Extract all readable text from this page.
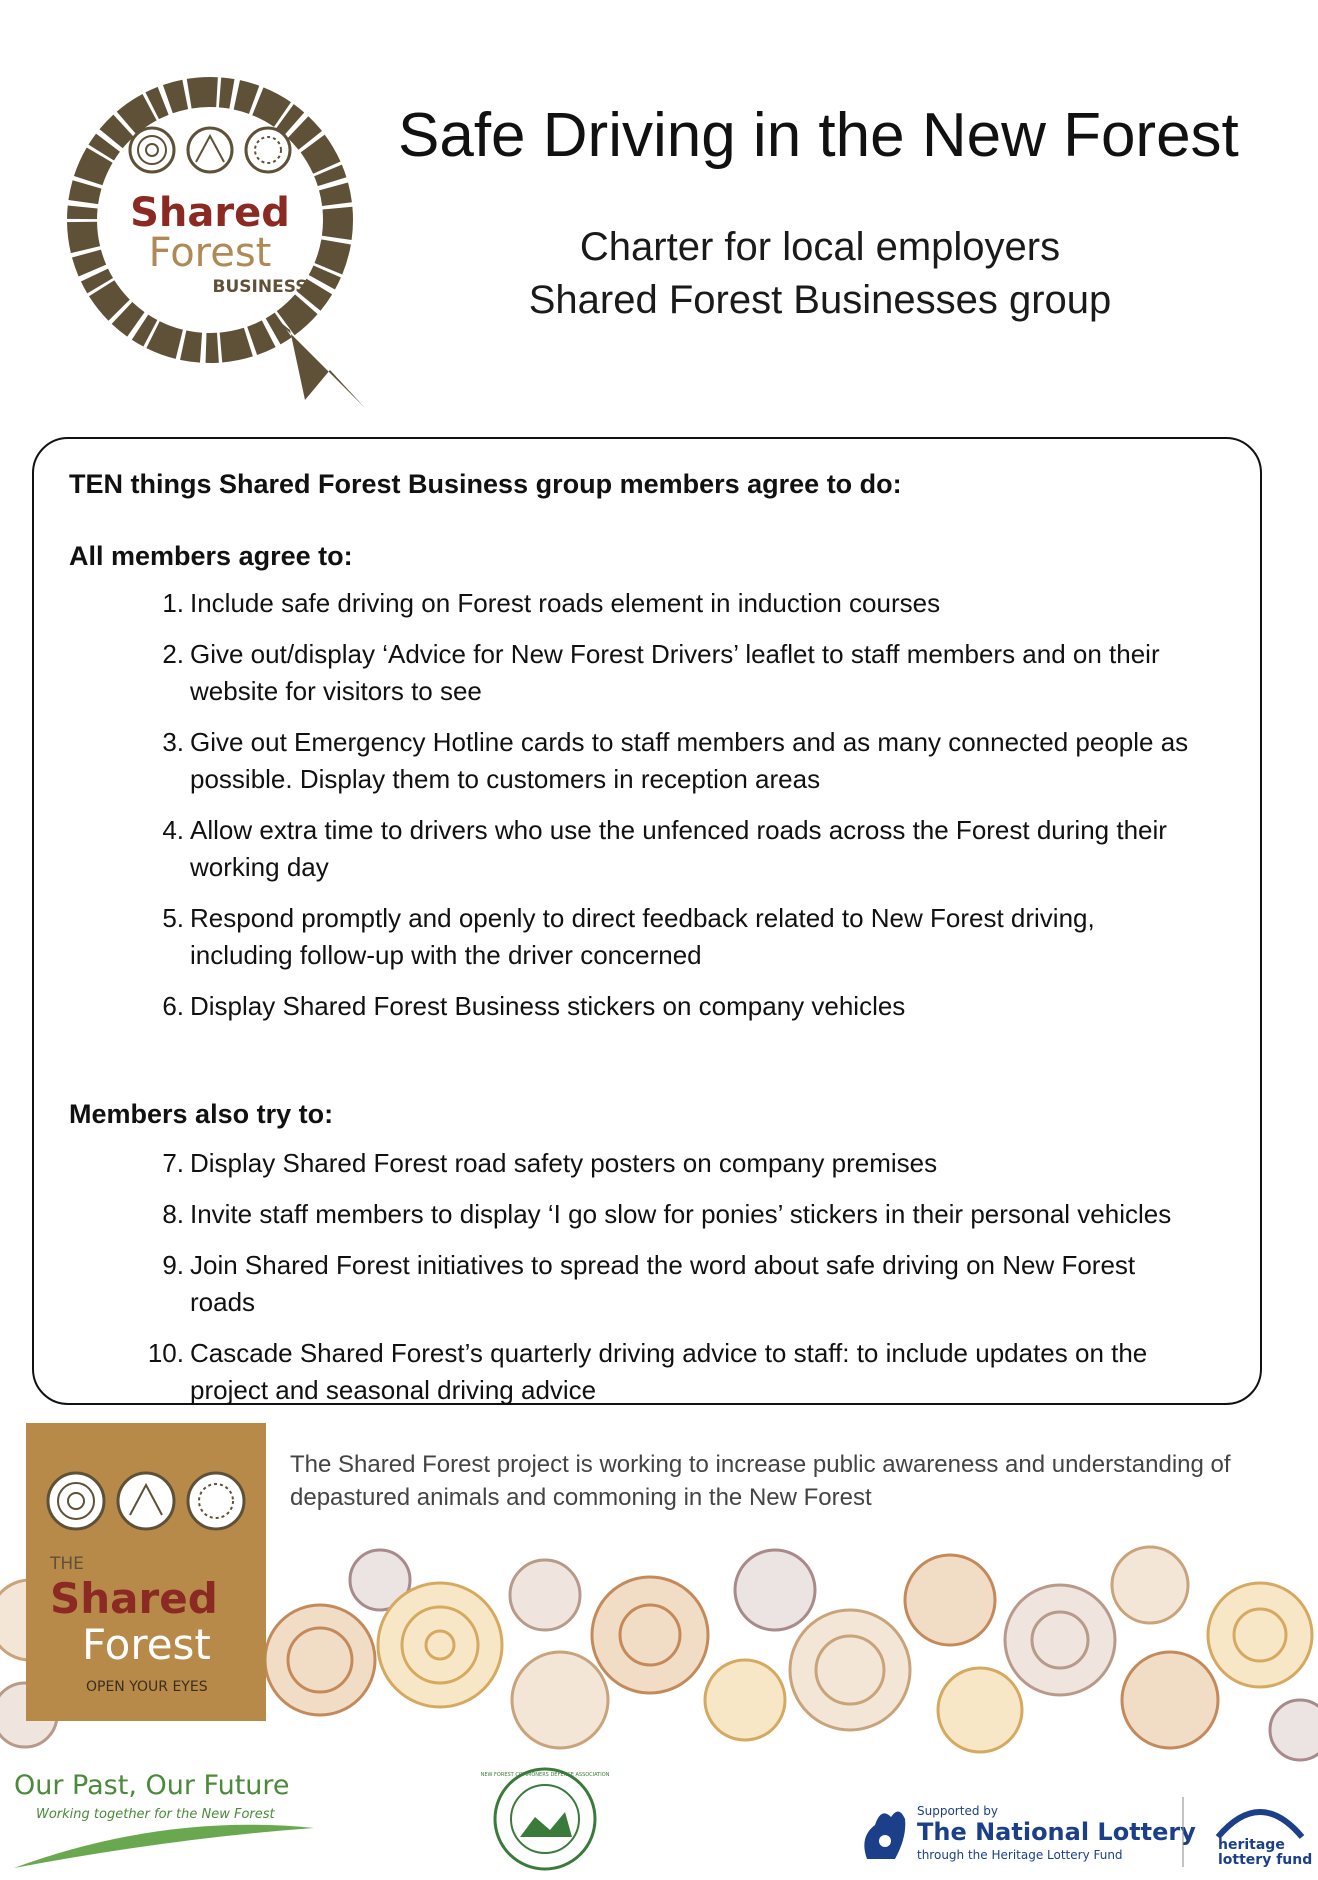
Shared
Forest
BUSINESS
Safe Driving in the New Forest
Charter for local employers
Shared Forest Businesses group
TEN things Shared Forest Business group members agree to do:
All members agree to:
1. Include safe driving on Forest roads element in induction courses
2. Give out/display ‘Advice for New Forest Drivers’ leaflet to staff members and on their website for visitors to see
3. Give out Emergency Hotline cards to staff members and as many connected people as possible. Display them to customers in reception areas
4. Allow extra time to drivers who use the unfenced roads across the Forest during their working day
5. Respond promptly and openly to direct feedback related to New Forest driving, including follow-up with the driver concerned
6. Display Shared Forest Business stickers on company vehicles
Members also try to:
7. Display Shared Forest road safety posters on company premises
8. Invite staff members to display ‘I go slow for ponies’ stickers in their personal vehicles
9. Join Shared Forest initiatives to spread the word about safe driving on New Forest roads
10. Cascade Shared Forest’s quarterly driving advice to staff: to include updates on the project and seasonal driving advice
The Shared Forest project is working to increase public awareness and understanding of depastured animals and commoning in the New Forest
THE
Shared
Forest
OPEN YOUR EYES
Our Past, Our Future
Working together for the New Forest
NEW FOREST COMMONERS DEFENCE ASSOCIATION
Supported by
The National Lottery
through the Heritage Lottery Fund
heritage
lottery fund
